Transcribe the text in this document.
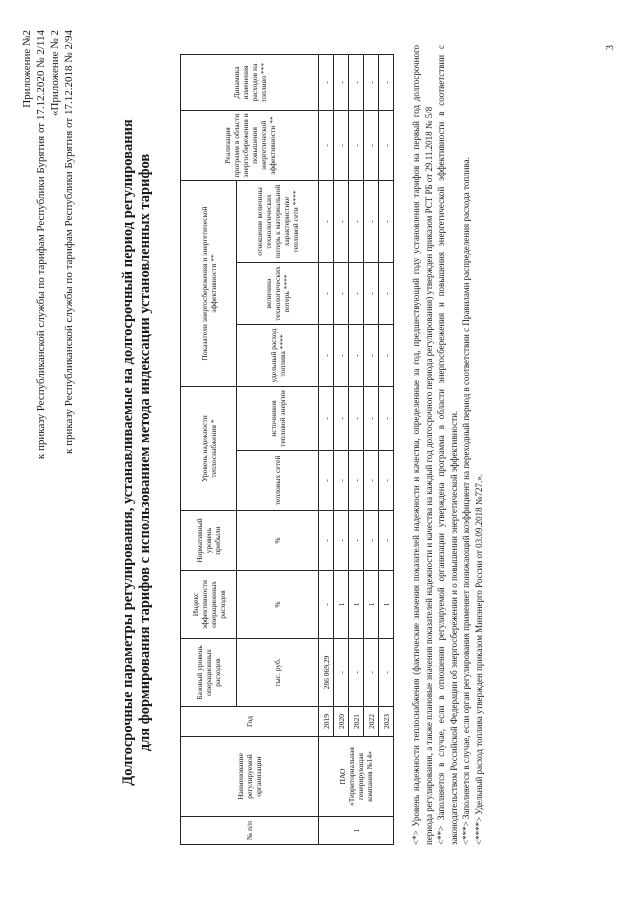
Приложение №2 к приказу Республиканской службы по тарифам Республики Бурятия от 17.12.2020 № 2/114 «Приложение № 2 к приказу Республиканской службы по тарифам Республики Бурятия от 17.12.2018 № 2/94	Долгосрочные параметры регулирования, устанавливаемые на долгосрочный период регулирования для формирования тарифов с использованием метода индексации установленных тарифов
№ п/п	Наименование регулируемой организации	Год	Базовый уровень операционных расходов	Индекс эффективности операционных расходов	Нормативный уровень прибыли	Уровень надежности теплоснабжения *		Показатели энергосбережения и энергетической эффективности **			Реализация программ в области энергосбережения и повышения энергетической эффективности **	Динамика изменения расходов на топливо ***
			тыс. руб.	%	%	тепловых сетей	источников тепловой энергии	удельный расход топлива ****	величина технологических потерь ****	отношение величины технологических потерь к материальной характеристике тепловой сети ****		
1	ПАО «Территориальная генерирующая компания №14»	2019	286 069,29	-	-	-	-	-	-	-	-	-
		2020	-	1	-	-	-	-	-	-	-	-
		2021	-	1	-	-	-	-	-	-	-	-
		2022	-	1	-	-	-	-	-	-	-	-
		2023	-	1	-	-	-	-	-	-	-	- <*> Уровень надежности теплоснабжения (фактические значения показателей надежности и качества, определенные за год, предшествующий году установления тарифов на первый год долгосрочного периода регулирования, а также плановые значения показателей надежности и качества на каждый год долгосрочного периода регулирования) утвержден приказом РСТ РБ от 29.11.2018 № 5/8 <**> Заполняется в случае, если в отношении регулируемой организации утверждена программа в области энергосбережения и повышения энергетической эффективности в соответствии с законодательством Российской Федерации об энергосбережении и о повышении энергетической эффективности. <***> Заполняется в случае, если орган регулирования применяет понижающий коэффициент на переходный период в соответствии с Правилами распределения расхода топлива. <****> Удельный расход топлива утвержден приказом Минэнерго России от 03.09.2018 №727.».

3
